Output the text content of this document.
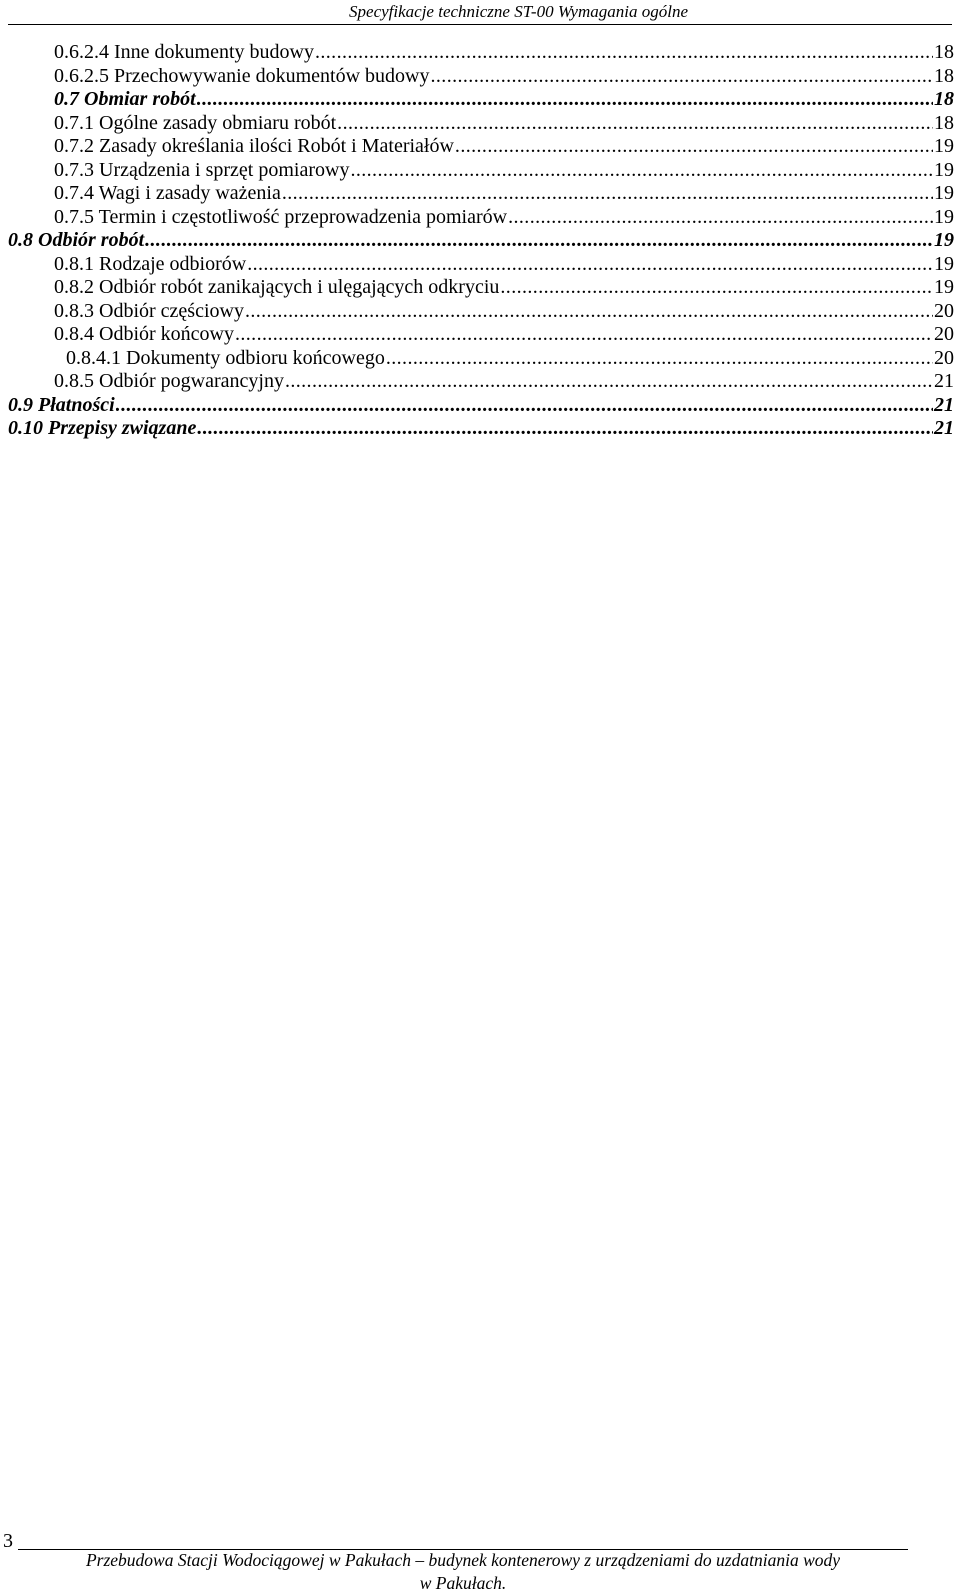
Specyfikacje techniczne ST-00 Wymagania ogólne
0.6.2.4 Inne dokumenty budowy .....	18
0.6.2.5 Przechowywanie dokumentów budowy .....	18
0.7 Obmiar robót .....	18
0.7.1 Ogólne zasady obmiaru robót .....	18
0.7.2 Zasady określania ilości Robót i Materiałów .....	19
0.7.3 Urządzenia i sprzęt pomiarowy .....	19
0.7.4 Wagi i zasady ważenia .....	19
0.7.5 Termin i częstotliwość przeprowadzenia pomiarów .....	19
0.8 Odbiór robót .....	19
0.8.1 Rodzaje odbiorów .....	19
0.8.2 Odbiór robót zanikających i ulęgających odkryciu .....	19
0.8.3 Odbiór częściowy .....	20
0.8.4 Odbiór końcowy .....	20
0.8.4.1 Dokumenty odbioru końcowego .....	20
0.8.5 Odbiór pogwarancyjny .....	21
0.9 Płatności .....	21
0.10 Przepisy związane .....	21
3
Przebudowa Stacji Wodociągowej w Pakułach – budynek kontenerowy z urządzeniami do uzdatniania wody
w Pakułach.
